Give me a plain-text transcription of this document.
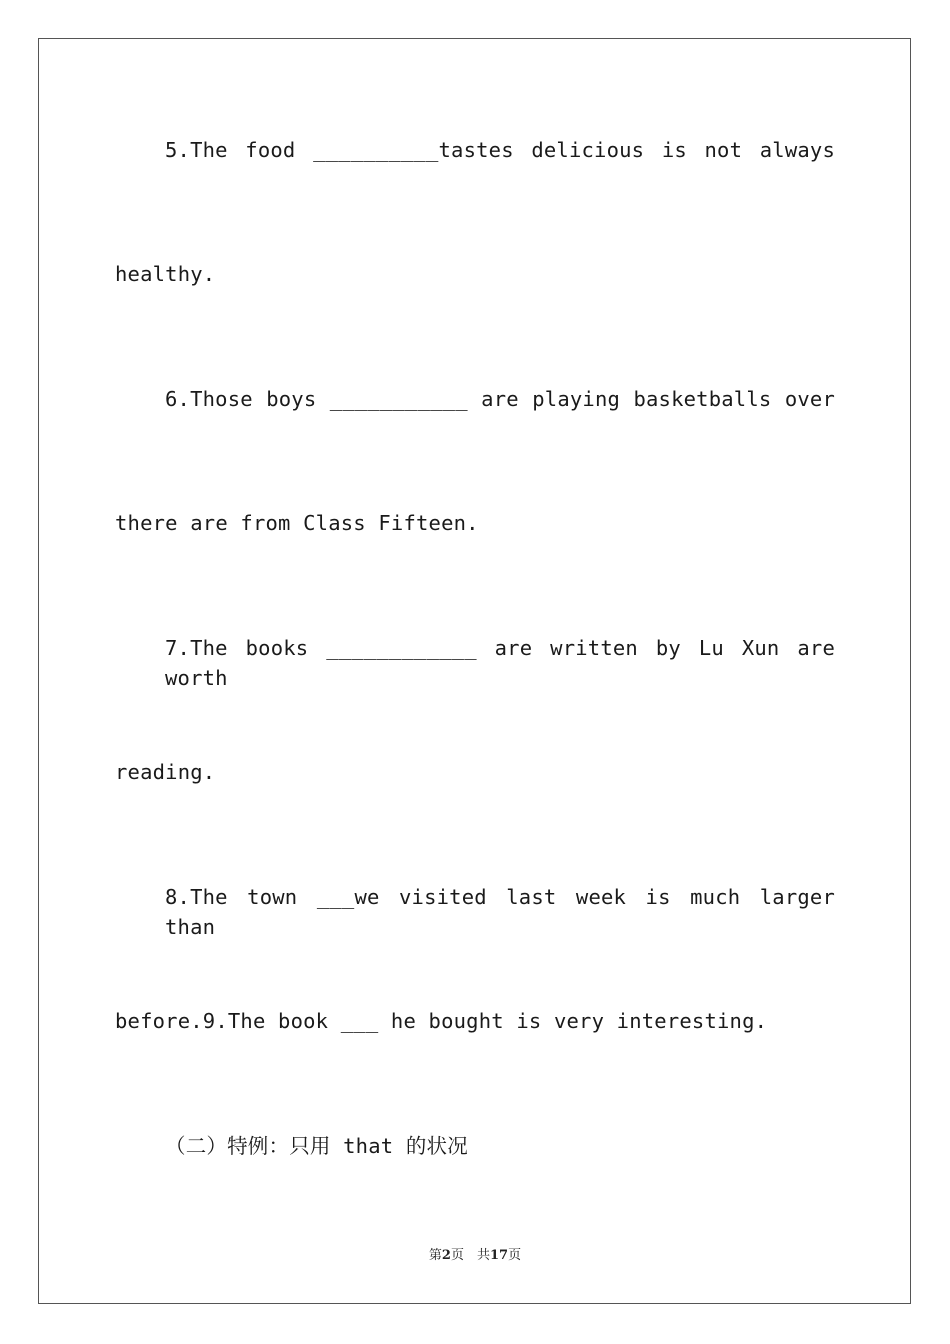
5.The food __________tastes delicious is not always
healthy.
6.Those boys ___________ are playing basketballs over
there are from Class Fifteen.
7.The books ____________ are written by Lu Xun are worth
reading.
8.The town ___we visited last week is much larger than
before.9.The book ___ he bought is very interesting.
（二）特例：只用 that 的状况
第2页　共17页
